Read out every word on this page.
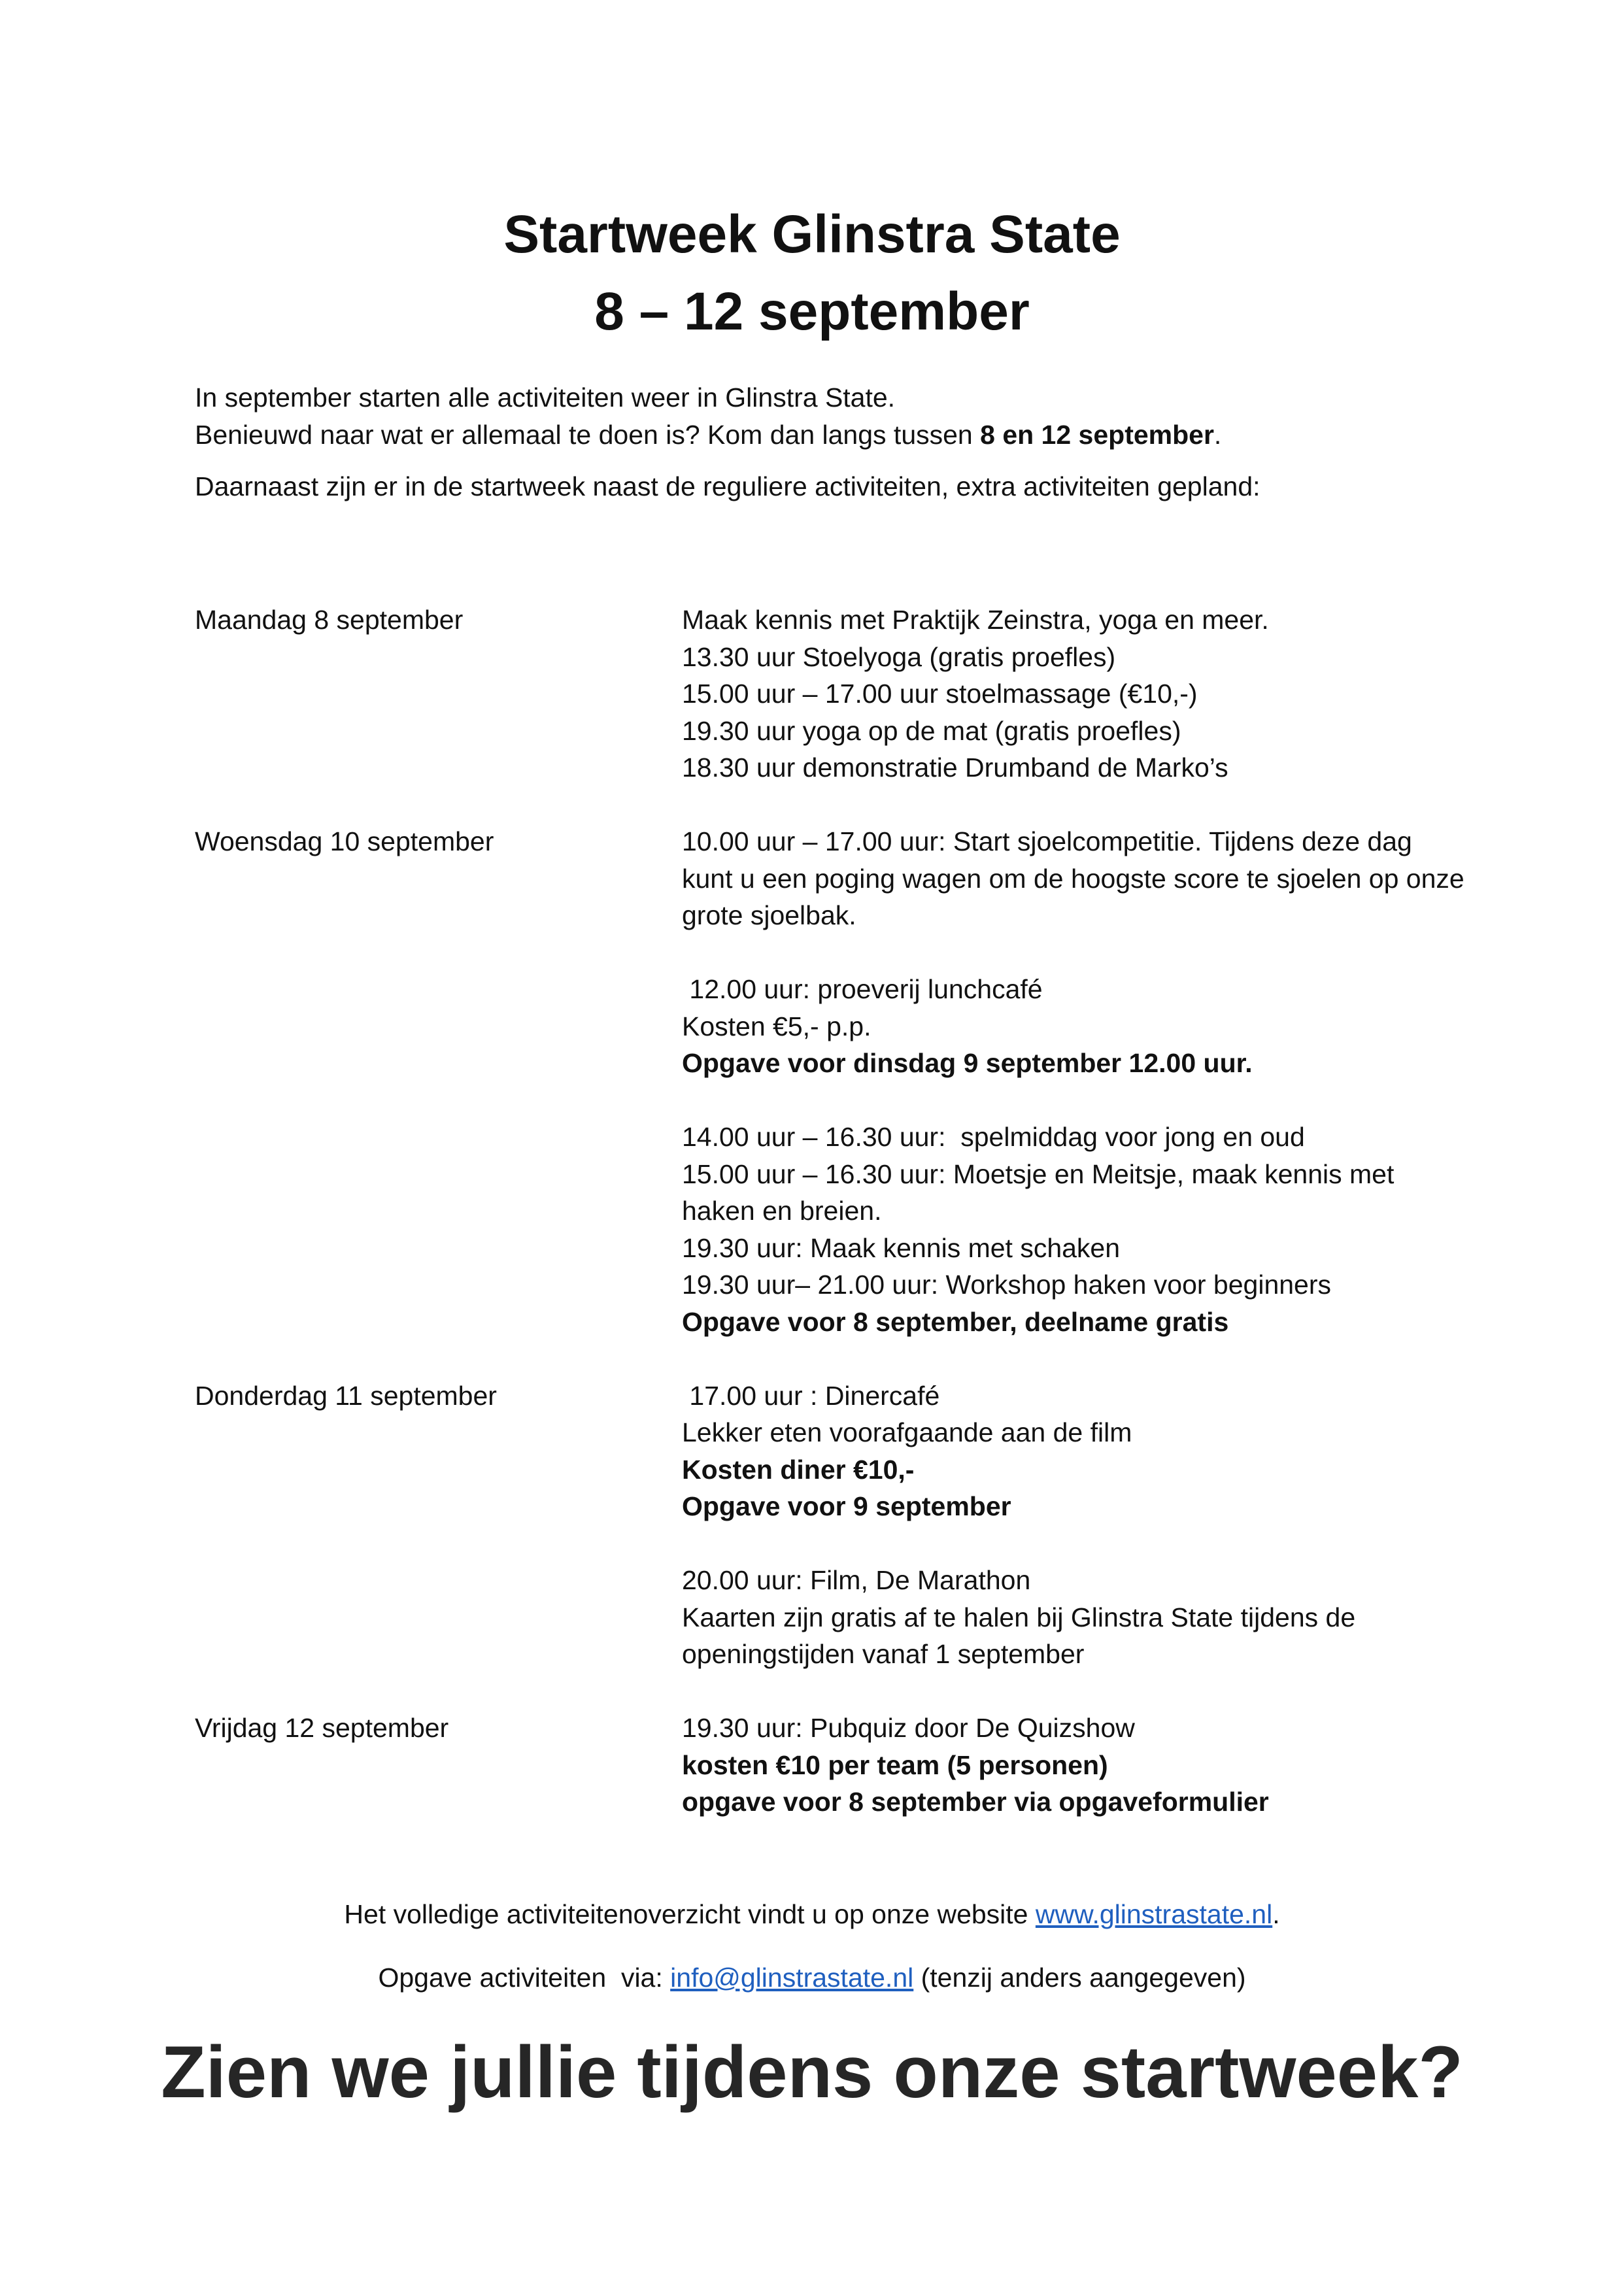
Startweek Glinstra State
8 – 12 september

In september starten alle activiteiten weer in Glinstra State.

Benieuwd naar wat er allemaal te doen is? Kom dan langs tussen 8 en 12 september.

Daarnaast zijn er in de startweek naast de reguliere activiteiten, extra activiteiten gepland:

Maandag 8 september	Maak kennis met Praktijk Zeinstra, yoga en meer.
13.30 uur Stoelyoga (gratis proefles)
15.00 uur – 17.00 uur stoelmassage (€10,-)
19.30 uur yoga op de mat (gratis proefles)
18.30 uur demonstratie Drumband de Marko’s
Woensdag 10 september	10.00 uur – 17.00 uur: Start sjoelcompetitie. Tijdens deze dag kunt u een poging wagen om de hoogste score te sjoelen op onze grote sjoelbak.
12.00 uur: proeverij lunchcafé
Kosten €5,- p.p.
Opgave voor dinsdag 9 september 12.00 uur.
14.00 uur – 16.30 uur:  spelmiddag voor jong en oud
15.00 uur – 16.30 uur: Moetsje en Meitsje, maak kennis met haken en breien.
19.30 uur: Maak kennis met schaken
19.30 uur– 21.00 uur: Workshop haken voor beginners
Opgave voor 8 september, deelname gratis
Donderdag 11 september	17.00 uur : Dinercafé
Lekker eten voorafgaande aan de film
Kosten diner €10,-
Opgave voor 9 september
20.00 uur: Film, De Marathon
Kaarten zijn gratis af te halen bij Glinstra State tijdens de openingstijden vanaf 1 september
Vrijdag 12 september	19.30 uur: Pubquiz door De Quizshow
kosten €10 per team (5 personen)
opgave voor 8 september via opgaveformulier

Het volledige activiteitenoverzicht vindt u op onze website www.glinstrastate.nl.

Opgave activiteiten  via: info@glinstrastate.nl (tenzij anders aangegeven)

Zien we jullie tijdens onze startweek?
